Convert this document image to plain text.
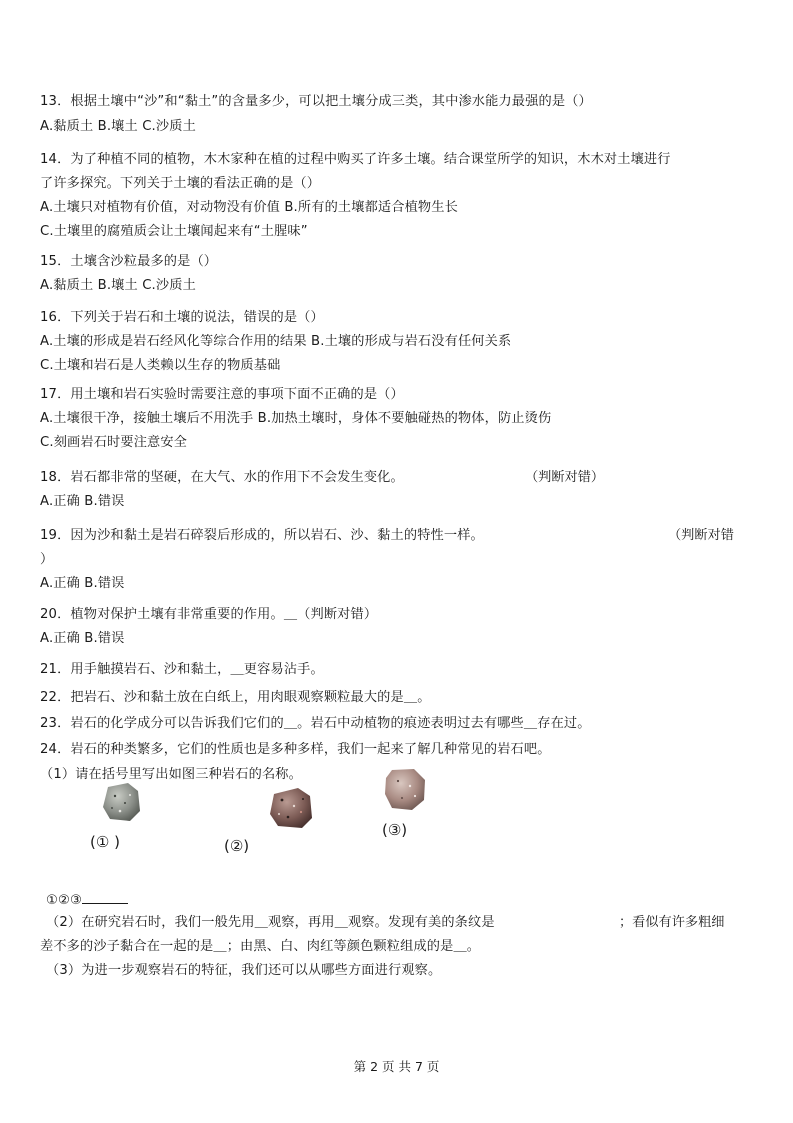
13．根据土壤中“沙”和“黏土”的含量多少，可以把土壤分成三类，其中渗水能力最强的是（）
A.黏质土 B.壤土 C.沙质土
14．为了种植不同的植物，木木家种在植的过程中购买了许多土壤。结合课堂所学的知识，木木对土壤进行
了许多探究。下列关于土壤的看法正确的是（）
A.土壤只对植物有价值，对动物没有价值 B.所有的土壤都适合植物生长
C.土壤里的腐殖质会让土壤闻起来有“土腥味”
15．土壤含沙粒最多的是（）
A.黏质土 B.壤土 C.沙质土
16．下列关于岩石和土壤的说法，错误的是（）
A.土壤的形成是岩石经风化等综合作用的结果 B.土壤的形成与岩石没有任何关系
C.土壤和岩石是人类赖以生存的物质基础
17．用土壤和岩石实验时需要注意的事项下面不正确的是（）
A.土壤很干净，接触土壤后不用洗手 B.加热土壤时，身体不要触碰热的物体，防止烫伤
C.刻画岩石时要注意安全
18．岩石都非常的坚硬，在大气、水的作用下不会发生变化。	（判断对错）
A.正确 B.错误
19．因为沙和黏土是岩石碎裂后形成的，所以岩石、沙、黏土的特性一样。	（判断对错
）
A.正确 B.错误
20．植物对保护土壤有非常重要的作用。＿（判断对错）
A.正确 B.错误
21．用手触摸岩石、沙和黏土，＿更容易沾手。
22．把岩石、沙和黏土放在白纸上，用肉眼观察颗粒最大的是＿。
23．岩石的化学成分可以告诉我们它们的＿。岩石中动植物的痕迹表明过去有哪些＿存在过。
24．岩石的种类繁多，它们的性质也是多种多样，我们一起来了解几种常见的岩石吧。
（1）请在括号里写出如图三种岩石的名称。
(① )	(②)
(③)
①②③
（2）在研究岩石时，我们一般先用＿观察，再用＿观察。发现有美的条纹是	；看似有许多粗细
差不多的沙子黏合在一起的是＿；由黑、白、肉红等颜色颗粒组成的是＿。
（3）为进一步观察岩石的特征，我们还可以从哪些方面进行观察。
第 2 页 共 7 页
